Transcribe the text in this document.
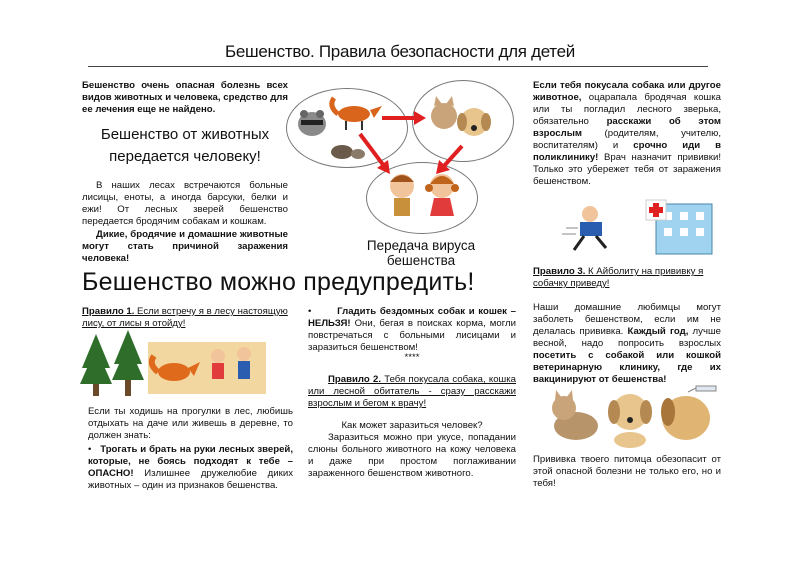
Бешенство. Правила безопасности для детей

Бешенство очень опасная болезнь всех видов животных и человека, средство для ее лечения еще не найдено.

Бешенство от животных
передается человеку!

В наших лесах встречаются больные лисицы, еноты, а иногда барсуки, белки и ежи! От лесных зверей бешенство передается бродячим собакам и кошкам.

Дикие, бродячие и домашние животные могут стать причиной заражения человека!

Передача вируса бешенства

Если тебя покусала собака или другое животное, оцарапала бродячая кошка или ты погладил лесного зверька, обязательно расскажи об этом взрослым (родителям, учителю, воспитателям) и срочно иди в поликлинику! Врач назначит прививки! Только это убережет тебя от заражения бешенством.

Бешенство можно предупредить!

Правило 1. Если встречу я в лесу настоящую лису, от лисы я отойду!

Если ты ходишь на прогулки в лес, любишь отдыхать на даче или живешь в деревне, то должен знать:

•   Трогать и брать на руки лесных зверей, которые, не боясь подходят к тебе – ОПАСНО! Излишнее дружелюбие диких животных – один из признаков бешенства.

•       Гладить бездомных собак и кошек – НЕЛЬЗЯ! Они, бегая в поисках корма, могли повстречаться с больными лисицами и заразиться бешенством!

****

Правило 2. Тебя покусала собака, кошка или лесной обитатель - сразу расскажи взрослым и бегом к врачу!

Как может заразиться человек?

Заразиться можно при укусе, попадании слюны больного животного на кожу человека и даже при простом поглаживании зараженного бешенством животного.

Правило 3. К Айболиту на прививку я собачку приведу!

Наши домашние любимцы могут заболеть бешенством, если им не делалась прививка. Каждый год, лучше весной, надо попросить взрослых посетить с собакой или кошкой ветеринарную клинику, где их вакцинируют от бешенства!

Прививка твоего питомца обезопасит от этой опасной болезни не только его, но и тебя!
